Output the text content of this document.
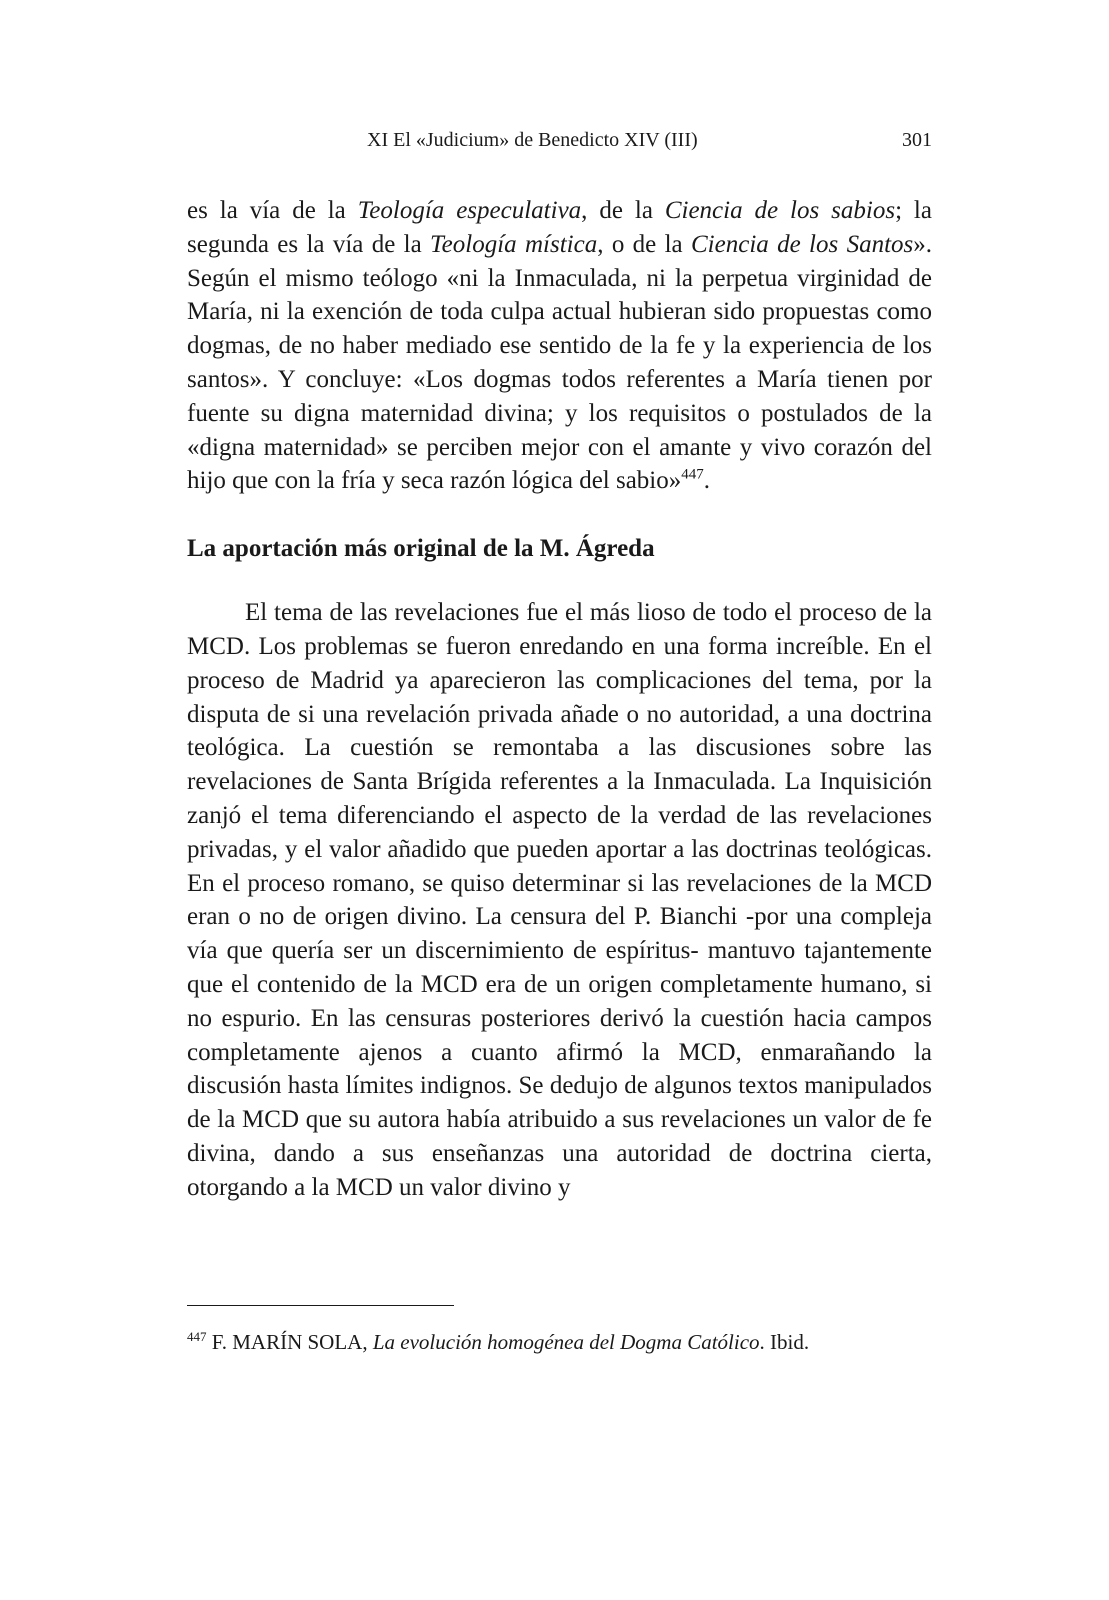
XI El «Judicium» de Benedicto XIV (III)	301

es la vía de la Teología especulativa, de la Ciencia de los sabios; la segunda es la vía de la Teología mística, o de la Ciencia de los Santos». Según el mismo teólogo «ni la Inmaculada, ni la perpetua virginidad de María, ni la exención de toda culpa actual hubieran sido propuestas como dogmas, de no haber mediado ese sentido de la fe y la experiencia de los santos». Y concluye: «Los dogmas todos referentes a María tienen por fuente su digna maternidad divina; y los requisitos o postulados de la «digna maternidad» se perciben mejor con el amante y vivo corazón del hijo que con la fría y seca razón lógica del sabio»$^{447}$.

La aportación más original de la M. Ágreda

El tema de las revelaciones fue el más lioso de todo el proceso de la MCD. Los problemas se fueron enredando en una forma increíble. En el proceso de Madrid ya aparecieron las complicaciones del tema, por la disputa de si una revelación privada añade o no autoridad, a una doctrina teológica. La cuestión se remontaba a las discusiones sobre las revelaciones de Santa Brígida referentes a la Inmaculada. La Inquisición zanjó el tema diferenciando el aspecto de la verdad de las revelaciones privadas, y el valor añadido que pueden aportar a las doctrinas teológicas. En el proceso romano, se quiso determinar si las revelaciones de la MCD eran o no de origen divino. La censura del P. Bianchi -por una compleja vía que quería ser un discernimiento de espíritus- mantuvo tajantemente que el contenido de la MCD era de un origen completamente humano, si no espurio. En las censuras posteriores derivó la cuestión hacia campos completamente ajenos a cuanto afirmó la MCD, enmarañando la discusión hasta límites indignos. Se dedujo de algunos textos manipulados de la MCD que su autora había atribuido a sus revelaciones un valor de fe divina, dando a sus enseñanzas una autoridad de doctrina cierta, otorgando a la MCD un valor divino y

$^{447}$ F. MARÍN SOLA, La evolución homogénea del Dogma Católico. Ibid.
